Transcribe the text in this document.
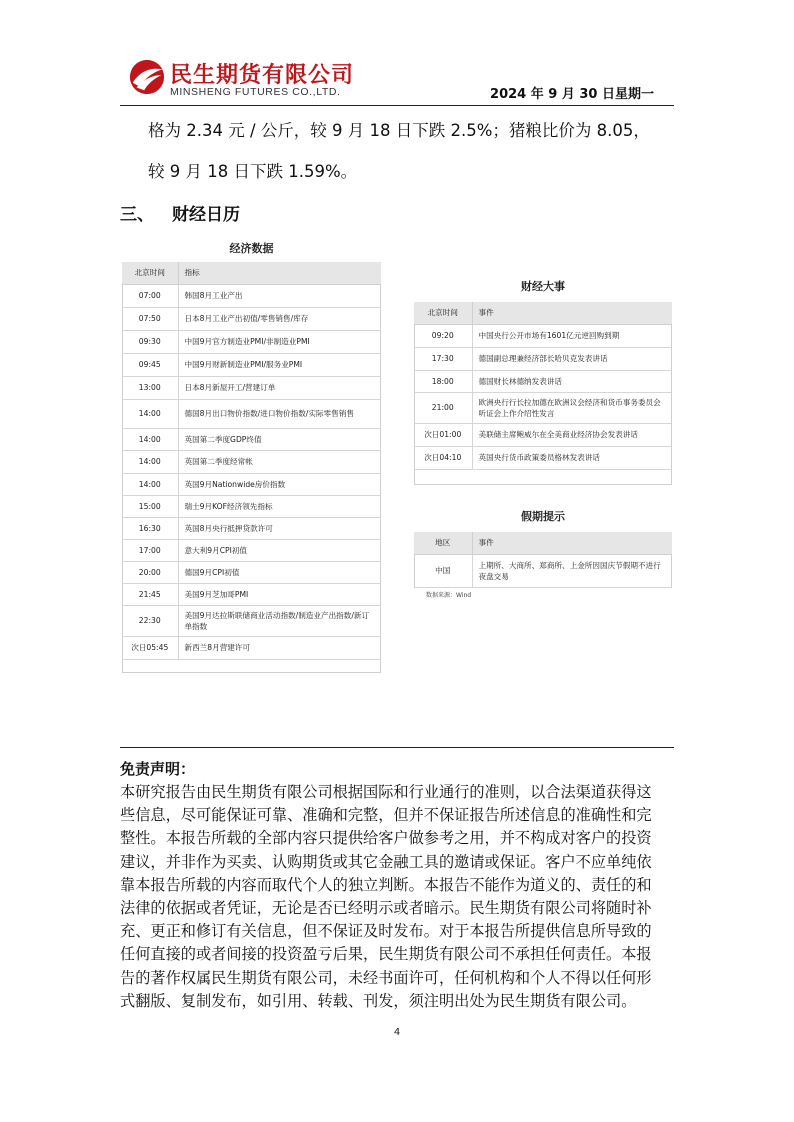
民生期货有限公司
MINSHENG FUTURES CO.,LTD.	2024 年 9 月 30 日星期一
格为 2.34 元 / 公斤，较 9 月 18 日下跌 2.5%；猪粮比价为 8.05，
较 9 月 18 日下跌 1.59%。
三、 财经日历
经济数据
北京时间	指标
07:00	韩国8月工业产出
07:50	日本8月工业产出初值/零售销售/库存
09:30	中国9月官方制造业PMI/非制造业PMI
09:45	中国9月财新制造业PMI/服务业PMI
13:00	日本8月新屋开工/营建订单
14:00	德国8月出口物价指数/进口物价指数/实际零售销售
14:00	英国第二季度GDP终值
14:00	英国第二季度经常帐
14:00	英国9月Nationwide房价指数
15:00	瑞士9月KOF经济领先指标
16:30	英国8月央行抵押贷款许可
17:00	意大利9月CPI初值
20:00	德国9月CPI初值
21:45	美国9月芝加哥PMI
22:30	美国9月达拉斯联储商业活动指数/制造业产出指数/新订单指数
次日05:45	新西兰8月营建许可
财经大事
北京时间	事件
09:20	中国央行公开市场有1601亿元逆回购到期
17:30	德国副总理兼经济部长哈贝克发表讲话
18:00	德国财长林德纳发表讲话
21:00	欧洲央行行长拉加德在欧洲议会经济和货币事务委员会听证会上作介绍性发言
次日01:00	美联储主席鲍威尔在全美商业经济协会发表讲话
次日04:10	英国央行货币政策委员格林发表讲话
假期提示
地区	事件
中国	上期所、大商所、郑商所、上金所因国庆节假期不进行夜盘交易
数据来源：Wind
免责声明：
本研究报告由民生期货有限公司根据国际和行业通行的准则，以合法渠道获得这
些信息，尽可能保证可靠、准确和完整，但并不保证报告所述信息的准确性和完
整性。本报告所载的全部内容只提供给客户做参考之用，并不构成对客户的投资
建议，并非作为买卖、认购期货或其它金融工具的邀请或保证。客户不应单纯依
靠本报告所载的内容而取代个人的独立判断。本报告不能作为道义的、责任的和
法律的依据或者凭证，无论是否已经明示或者暗示。民生期货有限公司将随时补
充、更正和修订有关信息，但不保证及时发布。对于本报告所提供信息所导致的
任何直接的或者间接的投资盈亏后果，民生期货有限公司不承担任何责任。本报
告的著作权属民生期货有限公司，未经书面许可，任何机构和个人不得以任何形
式翻版、复制发布，如引用、转载、刊发，须注明出处为民生期货有限公司。
4
